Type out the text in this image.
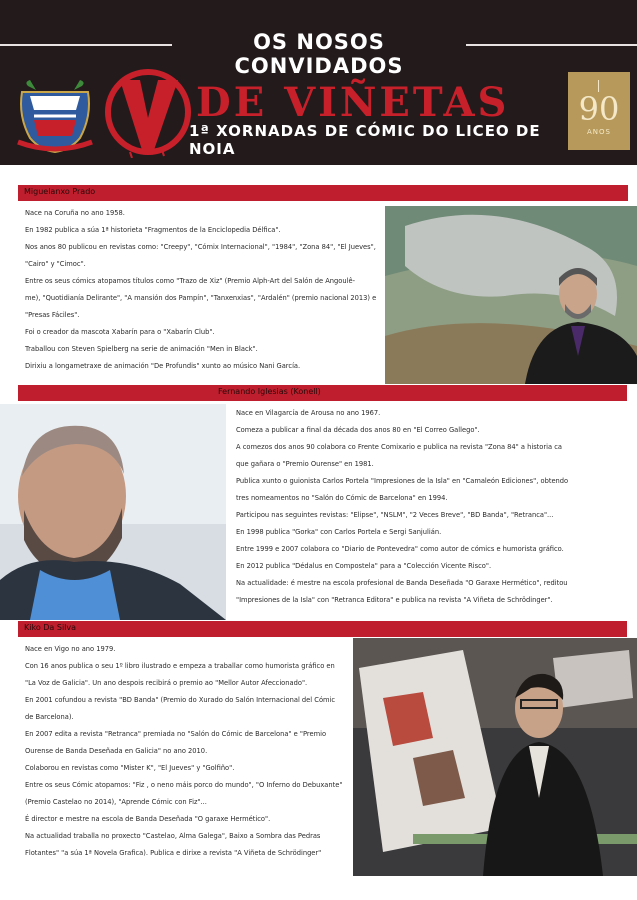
OS NOSOS CONVIDADOS
DE VIÑETAS
1ª XORNADAS DE CÓMIC DO LICEO DE NOIA
90
ANOS
Miguelanxo Prado
Nace na Coruña no ano 1958.
En 1982 publica a súa 1ª historieta "Fragmentos de la Enciclopedia Délfica".
Nos anos 80 publicou en revistas como: "Creepy", "Cómix Internacional", "1984", "Zona 84", "El Jueves",
"Cairo" y "Cimoc".
Entre os seus cómics atopamos títulos como "Trazo de Xiz" (Premio Alph-Art del Salón de Angoulê-
me), "Quotidianía Delirante", "A mansión dos Pampín", "Tanxenxias", "Ardalén" (premio nacional 2013) e
"Presas Fáciles".
Foi o creador da mascota Xabarín para o "Xabarín Club".
Traballou con Steven Spielberg na serie de animación "Men in Black".
Dirixiu a longametraxe de animación "De Profundis" xunto ao músico Nani García.
Fernando Iglesias (Konell)
Nace en Vilagarcía de Arousa no ano 1967.
Comeza a publicar a final da década dos anos 80 en "El Correo Gallego".
A comezos dos anos 90 colabora co Frente Comixario e publica na revista "Zona 84" a historia ca
que gañara o "Premio Ourense" en 1981.
Publica xunto o guionista Carlos Portela "Impresiones de la Isla" en "Camaleón Ediciones", obtendo
tres nomeamentos no "Salón do Cómic de Barcelona" en 1994.
Participou nas seguintes revistas: "Elipse", "NSLM", "2 Veces Breve", "BD Banda", "Retranca"...
En 1998 publica "Gorka" con Carlos Portela e Sergi Sanjulián.
Entre 1999 e 2007 colabora co "Diario de Pontevedra" como autor de cómics e humorista gráfico.
En 2012 publica "Dédalus en Compostela" para a "Colección Vicente Risco".
Na actualidade: é mestre na escola profesional de Banda Deseñada "O Garaxe Hermético", reditou
"Impresiones de la Isla" con "Retranca Editora" e publica na revista "A Viñeta de Schrödinger".
Kiko Da Silva
Nace en Vigo no ano 1979.
Con 16 anos publica o seu 1º libro ilustrado e empeza a traballar como humorista gráfico en
"La Voz de Galicia". Un ano despois recibirá o premio ao "Mellor Autor Afeccionado".
En 2001 cofundou a revista "BD Banda" (Premio do Xurado do Salón Internacional del Cómic
de Barcelona).
En 2007 edita a revista "Retranca" premiada no "Salón do Cómic de Barcelona" e "Premio
Ourense de Banda Deseñada en Galicia" no ano 2010.
Colaborou en revistas como "Mister K", "El Jueves" y "Golfiño".
Entre os seus Cómic atopamos: "Fiz , o neno máis porco do mundo", "O Inferno do Debuxante"
(Premio Castelao no 2014), "Aprende Cómic con Fiz"...
É director e mestre na escola de Banda Deseñada "O garaxe Hermético".
Na actualidad traballa no proxecto "Castelao, Alma Galega", Baixo a Sombra das Pedras
Flotantes" "a súa 1ª Novela Grafica). Publica e dirixe a revista "A Viñeta de Schrödinger"
